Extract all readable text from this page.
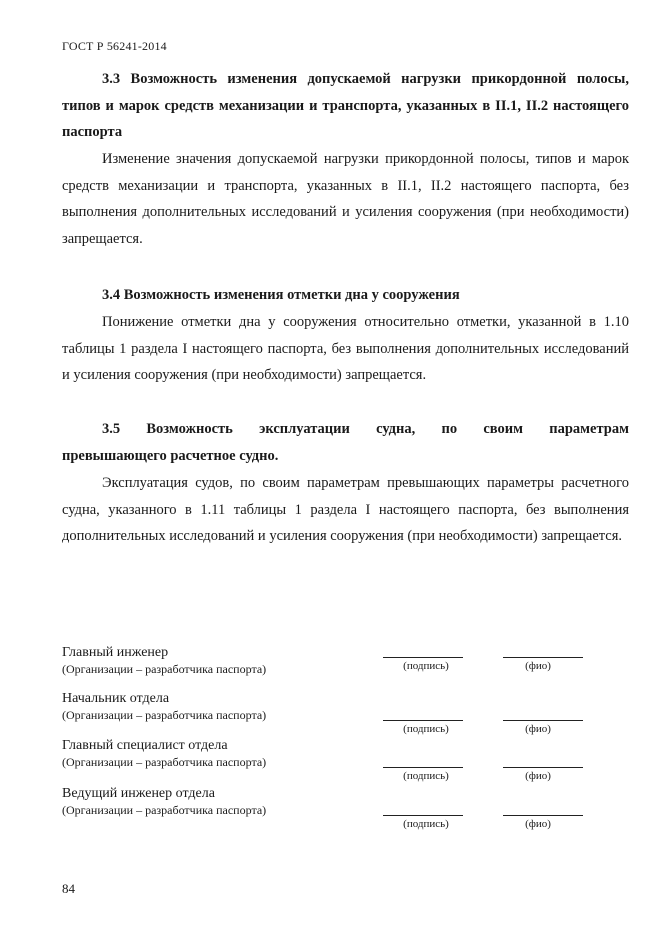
ГОСТ Р 56241-2014

3.3 Возможность изменения допускаемой нагрузки прикордонной полосы, типов и марок средств механизации и транспорта, указанных в II.1, II.2 настоящего паспорта

Изменение значения допускаемой нагрузки прикордонной полосы, типов и марок средств механизации и транспорта, указанных в II.1, II.2 настоящего паспорта, без выполнения дополнительных исследований и усиления сооружения (при необходимости) запрещается.

3.4 Возможность изменения отметки дна у сооружения

Понижение отметки дна у сооружения относительно отметки, указанной в 1.10 таблицы 1 раздела I настоящего паспорта, без выполнения дополнительных исследований и усиления сооружения (при необходимости) запрещается.

3.5    Возможность    эксплуатации    судна,    по    своим    параметрам

превышающего расчетное судно.

Эксплуатация судов, по своим параметрам превышающих параметры расчетного судна, указанного в 1.11 таблицы 1 раздела I настоящего паспорта, без выполнения дополнительных исследований и усиления сооружения (при необходимости) запрещается.

Главный инженер
(Организации – разработчика паспорта)	(подпись)	(фио)
Начальник отдела
(Организации – разработчика паспорта)
(подпись)	(фио)
Главный специалист отдела
(Организации – разработчика паспорта)
(подпись)	(фио)
Ведущий инженер отдела
(Организации – разработчика паспорта)
(подпись)	(фио)
84
